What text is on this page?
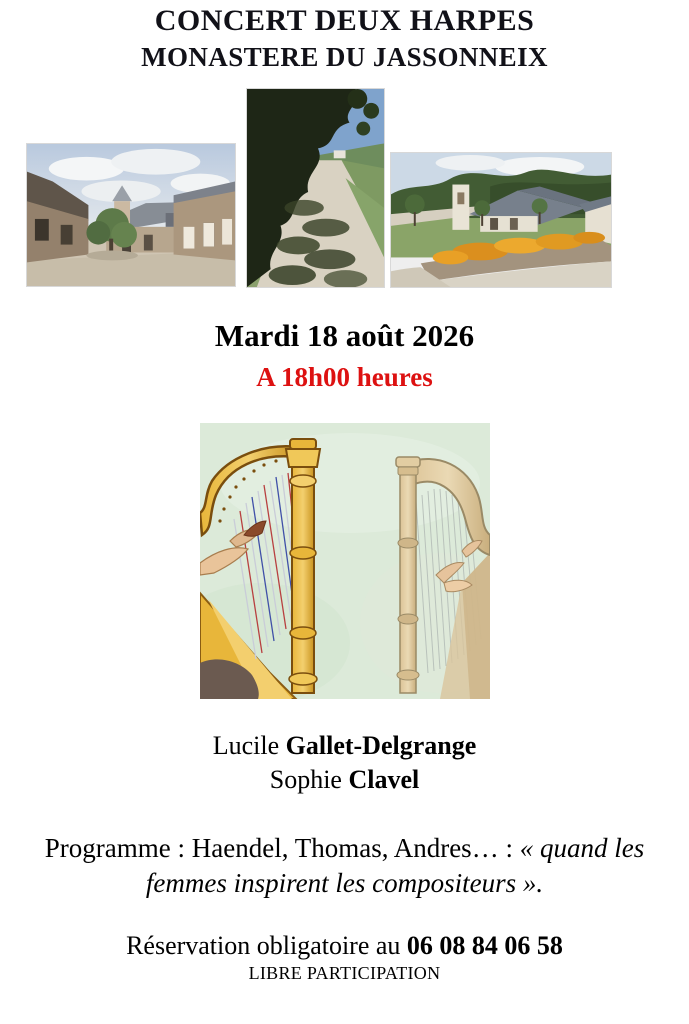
CONCERT DEUX HARPES
MONASTERE DU JASSONNEIX
Mardi 18 août 2026
A 18h00 heures
Lucile Gallet-Delgrange
Sophie Clavel
Programme : Haendel, Thomas, Andres… : « quand les femmes inspirent les compositeurs ».
Réservation obligatoire au 06 08 84 06 58
LIBRE PARTICIPATION
